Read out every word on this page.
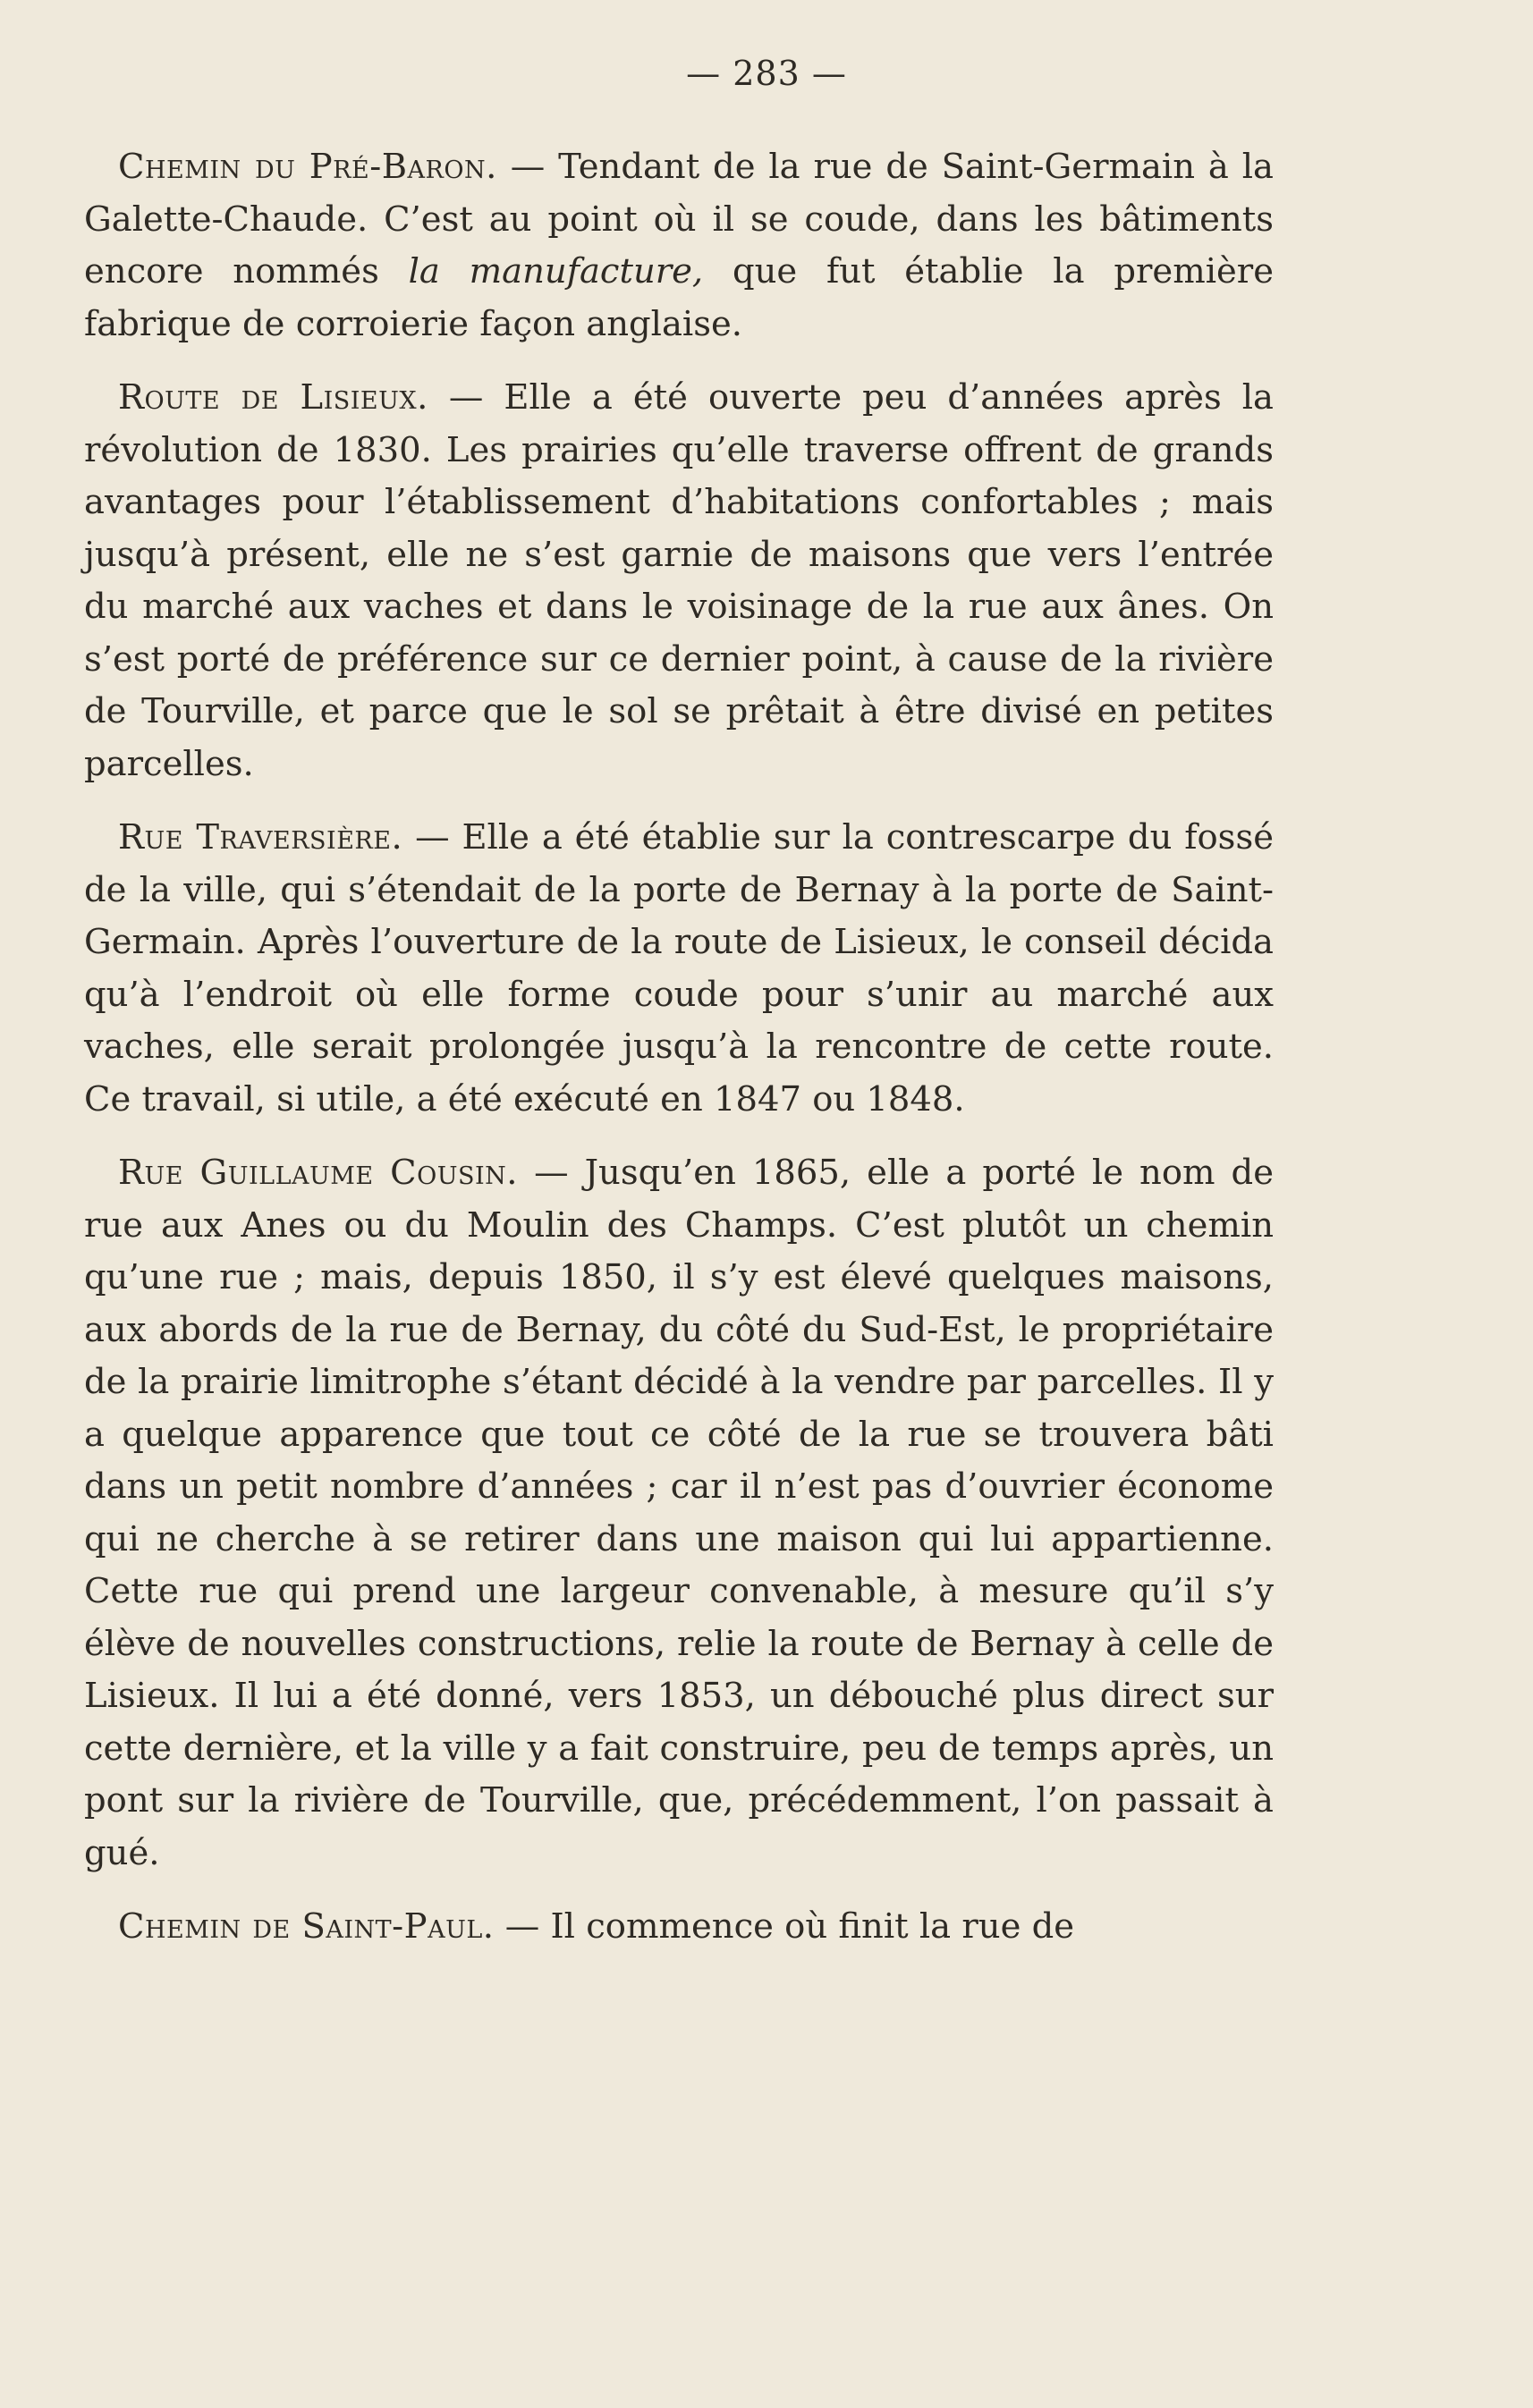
— 283 —

Chemin du Pré-Baron. — Tendant de la rue de Saint-Germain à la Galette-Chaude. C’est au point où il se coude, dans les bâtiments encore nommés la manufacture, que fut établie la première fabrique de corroierie façon anglaise.

Route de Lisieux. — Elle a été ouverte peu d’années après la révolution de 1830. Les prairies qu’elle traverse offrent de grands avantages pour l’établissement d’habitations confortables ; mais jusqu’à présent, elle ne s’est garnie de maisons que vers l’entrée du marché aux vaches et dans le voisinage de la rue aux ânes. On s’est porté de préférence sur ce dernier point, à cause de la rivière de Tourville, et parce que le sol se prêtait à être divisé en petites parcelles.

Rue Traversière. — Elle a été établie sur la contrescarpe du fossé de la ville, qui s’étendait de la porte de Bernay à la porte de Saint-Germain. Après l’ouverture de la route de Lisieux, le conseil décida qu’à l’endroit où elle forme coude pour s’unir au marché aux vaches, elle serait prolongée jusqu’à la rencontre de cette route. Ce travail, si utile, a été exécuté en 1847 ou 1848.

Rue Guillaume Cousin. — Jusqu’en 1865, elle a porté le nom de rue aux Anes ou du Moulin des Champs. C’est plutôt un chemin qu’une rue ; mais, depuis 1850, il s’y est élevé quelques maisons, aux abords de la rue de Bernay, du côté du Sud-Est, le propriétaire de la prairie limitrophe s’étant décidé à la vendre par parcelles. Il y a quelque apparence que tout ce côté de la rue se trouvera bâti dans un petit nombre d’années ; car il n’est pas d’ouvrier économe qui ne cherche à se retirer dans une maison qui lui appartienne. Cette rue qui prend une largeur convenable, à mesure qu’il s’y élève de nouvelles constructions, relie la route de Bernay à celle de Lisieux. Il lui a été donné, vers 1853, un débouché plus direct sur cette dernière, et la ville y a fait construire, peu de temps après, un pont sur la rivière de Tourville, que, précédemment, l’on passait à gué.

Chemin de Saint-Paul. — Il commence où finit la rue de
